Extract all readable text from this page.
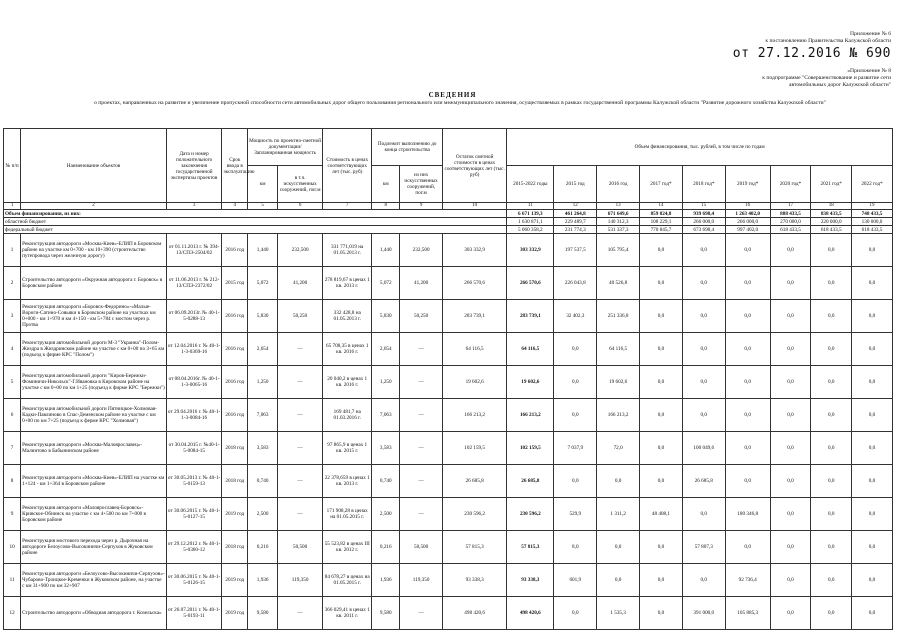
Приложение № 6
к постановлению Правительства Калужской области
от 27.12.2016 № 690
«Приложение № 8
к подпрограмме "Совершенствование и развитие сети
автомобильных дорог Калужской области"
СВЕДЕНИЯ
о проектах, направленных на развитие и увеличение пропускной способности сети автомобильных дорог общего пользования регионального или межмуниципального значения, осуществляемых в рамках государственной программы Калужской области "Развитие дорожного хозяйства Калужской области"
№ п/п	Наименование объектов	Дата и номер положительного заключения государственной экспертизы проектов	Срок ввода в эксплуатацию	Мощность по проектно-сметной документации/ Запланированная мощность		Стоимость в ценах соответствующих лет (тыс. руб)	Подлежит выполнению до конца строительства		Остаток сметной стоимости в ценах соответствующих лет (тыс. руб)	Объем финансирования, тыс. рублей, в том числе по годам								
				км	в т.ч. искусственных сооружений, пог.м		км	из них искусственных сооружений, пог.м		2015-2022 годы	2015 год	2016 год	2017 год*	2018 год*	2019 год*	2020 год*	2021 год*	2022 год*
1	2	3	4	5	6	7	8	9	10	11	12	13	14	15	16	17	18	19
Объем финансирования, из них:										6 671 139,3	461 264,8	671 649,6	859 824,8	939 698,4	1 263 402,0	888 433,5	838 433,5	748 433,5
областной бюджет										1 630 871,1	229 489,7	140 312,3	108 229,1	266 000,0	266 000,0	270 000,0	220 000,0	130 000,0
федеральный бюджет										5 060 358,2	231 774,3	531 337,3	770 845,7	673 698,4	997 402,0	618 433,5	618 433,5	618 433,5
1	Реконструкция автодороги «Москва-Киев»-ЕЛИП в Боровском районе на участке км 0+700 - км 10+390 (строительство путепровода через железную дорогу)	от 01.11.2013 г. № 394-13/СПЭ-2504/02	2016 год	1,440	232,500	331 771,019 на 01.05.2013 г.	1,440	232,500	303 332,9	303 332,9	197 537,5	105 795,4	0,0	0,0	0,0	0,0	0,0	0,0
2	Строительство автодороги «Окружная автодорога г. Боровск» в Боровском районе	от 11.06.2013 г. № 212-13/СПЭ-2372/02	2015 год	5,072	41,200	278 819,67 в ценах 1 кв. 2013 г.	5,072	41,200	266 570,6	266 570,6	226 043,8	40 526,8	0,0	0,0	0,0	0,0	0,0	0,0
3	Реконструкция автодороги «Боровск-Федорино»-«Малые-Вороги-Сатино-Совьяки в Боровском районе на участках км 0+000 - км 1+970 и км 4+150 - км 5+784 с мостом через р. Протва	от 06.09.2013г. № 40-1-5-0288-13	2016 год	5,830	50,250	332 428,8 на 01.05.2013 г.	5,830	50,250	283 739,1	283 739,1	32 402,3	251 336,8	0,0	0,0	0,0	0,0	0,0	0,0
4	Реконструкция автомобильной дороги М-3 "Украина"-Полом-Жиздра в Жиздринском районе на участке с км 0+00 по 3+65 км (подъезд к фирме КРС "Полом")	от 12.04.2016 г. № 40-1-1-3-0369-16	2016 год	2,654	—	65 708,35 в ценах 1 кв. 2016 г.	2,654	—	64 116,5	64 116,5	0,0	64 116,5	0,0	0,0	0,0	0,0	0,0	0,0
5	Реконструкция автомобильной дороги "Киров-Бережки-Фоминичи-Никольск"-Г.Ивановка в Кировском районе на участке с км 0+00 по км 1+25 (подъезд к фирме КРС "Бережки")	от 08.04.2016г. № 40-1-1-3-0065-16	2016 год	1,250	—	20 040,2 в ценах 1 кв. 2016 г.	1,250	—	19 602,6	19 602,6	0,0	19 602,6	0,0	0,0	0,0	0,0	0,0	0,0
6	Реконструкция автомобильной дороги Пятницкое-Холмовая-Кадки-Павлиново в Спас-Деменском районе на участке с км 0+00 по км 7+25 (подъезд к ферме КРС "Холмовая")	от 29.04.2016 г. № 40-1-1-3-0084-16	2016 год	7,063	—	169 481,7 на 01.03.2016 г.	7,063	—	166 213,2	166 213,2	0,0	166 213,2	0,0	0,0	0,0	0,0	0,0	0,0
7	Реконструкция автодороги «Москва-Малоярославец»-Малинтово в Бабынинском районе	от 30.04.2015 г. №40-1-5-0084-15	2018 год	3,583	—	97 865,9 в ценах 1 кв. 2015 г.	3,583	—	102 159,5	102 159,5	7 037,9	72,0	0,0	100 049,6	0,0	0,0	0,0	0,0
8	Реконструкция автодороги «Москва-Киев»-ЕЛИП на участке км 1+124 - км 1+364 в Боровском районе	от 30.05.2013 г. № 40-1-5-0159-13	2018 год	0,740	—	22 378,659 в ценах 1 кв. 2013 г.	0,740	—	26 685,8	26 685,8	0,0	0,0	0,0	26 685,8	0,0	0,0	0,0	0,0
9	Реконструкция автодороги «Малоярославец-Боровск»-Кривское-Обнинск на участке с км 4+500 по км 7+000 в Боровском районе	от 30.06.2015 г. № 40-1-5-0127-15	2019 год	2,500	—	171 908,28 в ценах на 01.05.2015 г.	2,500	—	230 596,2	230 596,2	529,9	1 311,2	48 408,1	0,0	180 346,8	0,0	0,0	0,0
10	Реконструкция мостового перехода через р. Дырочная на автодороге Белоусово-Высокиничи-Серпухов в Жуковском районе	от 29.12.2012 г. № 40-1-5-0360-12	2018 год	0,216	50,500	55 523,82 в ценах III кв. 2012 г.	0,216	50,500	57 815,3	57 815,3	8,0	0,0	0,0	57 807,3	0,0	0,0	0,0	0,0
11	Реконструкция автодороги «Белоусово-Высокиничи-Серпухов»-Чубарово-Троицкое-Кременки в Жуковском районе, на участке с км 31+900 по км 32+907	от 30.06.2015 г. № 40-1-5-0126-15	2019 год	1,936	119,350	84 678,27 в ценах на 01.05.2015 г.	1,936	119,350	93 338,3	93 338,3	601,9	0,0	0,0	0,0	92 736,4	0,0	0,0	0,0
12	Строительство автодороги «Обводная автодорога г. Козельска»	от 26.07.2011 г. № 40-1-5-0193-11	2019 год	9,580	—	366 029,41 в ценах 1 кв. 2011 г.	9,580	—	498 420,6	498 420,6	0,0	1 535,3	0,0	391 000,0	105 885,3	0,0	0,0	0,0
